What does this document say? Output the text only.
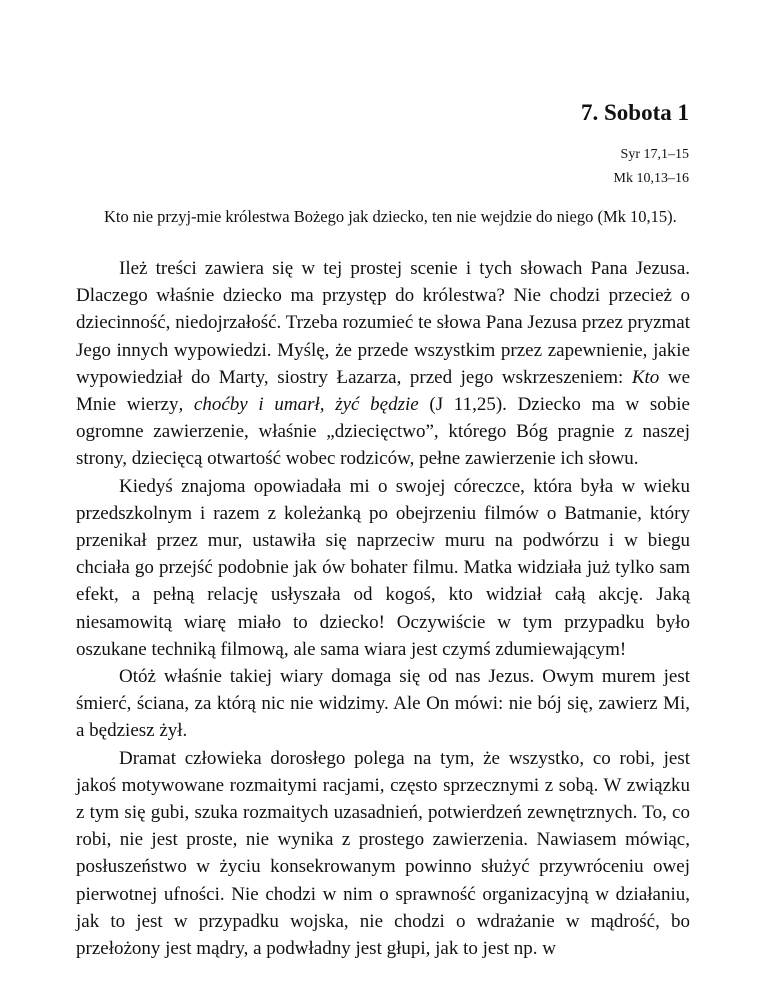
7. Sobota 1
Syr 17,1–15
Mk 10,13–16

Kto nie przyj-mie królestwa Bożego jak dziecko, ten nie wejdzie do niego (Mk 10,15).

Ileż treści zawiera się w tej prostej scenie i tych słowach Pana Jezusa. Dlaczego właśnie dziecko ma przystęp do królestwa? Nie chodzi przecież o dziecinność, niedojrzałość. Trzeba rozumieć te słowa Pana Jezusa przez pryzmat Jego innych wypowiedzi. Myślę, że przede wszystkim przez zapewnienie, jakie wypowiedział do Marty, siostry Łazarza, przed jego wskrzeszeniem: Kto we Mnie wierzy, choćby i umarł, żyć będzie (J 11,25). Dziecko ma w sobie ogromne zawierzenie, właśnie „dziecięctwo”, którego Bóg pragnie z naszej strony, dziecięcą otwartość wobec rodziców, pełne zawierzenie ich słowu.

Kiedyś znajoma opowiadała mi o swojej córeczce, która była w wieku przedszkolnym i razem z koleżanką po obejrzeniu filmów o Batmanie, który przenikał przez mur, ustawiła się naprzeciw muru na podwórzu i w biegu chciała go przejść podobnie jak ów bohater filmu. Matka widziała już tylko sam efekt, a pełną relację usłyszała od kogoś, kto widział całą akcję. Jaką niesamowitą wiarę miało to dziecko! Oczywiście w tym przypadku było oszukane techniką filmową, ale sama wiara jest czymś zdumiewającym!

Otóż właśnie takiej wiary domaga się od nas Jezus. Owym murem jest śmierć, ściana, za którą nic nie widzimy. Ale On mówi: nie bój się, zawierz Mi, a będziesz żył.

Dramat człowieka dorosłego polega na tym, że wszystko, co robi, jest jakoś motywowane rozmaitymi racjami, często sprzecznymi z sobą. W związku z tym się gubi, szuka rozmaitych uzasadnień, potwierdzeń zewnętrznych. To, co robi, nie jest proste, nie wynika z prostego zawierzenia. Nawiasem mówiąc, posłuszeństwo w życiu konsekrowanym powinno służyć przywróceniu owej pierwotnej ufności. Nie chodzi w nim o sprawność organizacyjną w działaniu, jak to jest w przypadku wojska, nie chodzi o wdrażanie w mądrość, bo przełożony jest mądry, a podwładny jest głupi, jak to jest np. w
